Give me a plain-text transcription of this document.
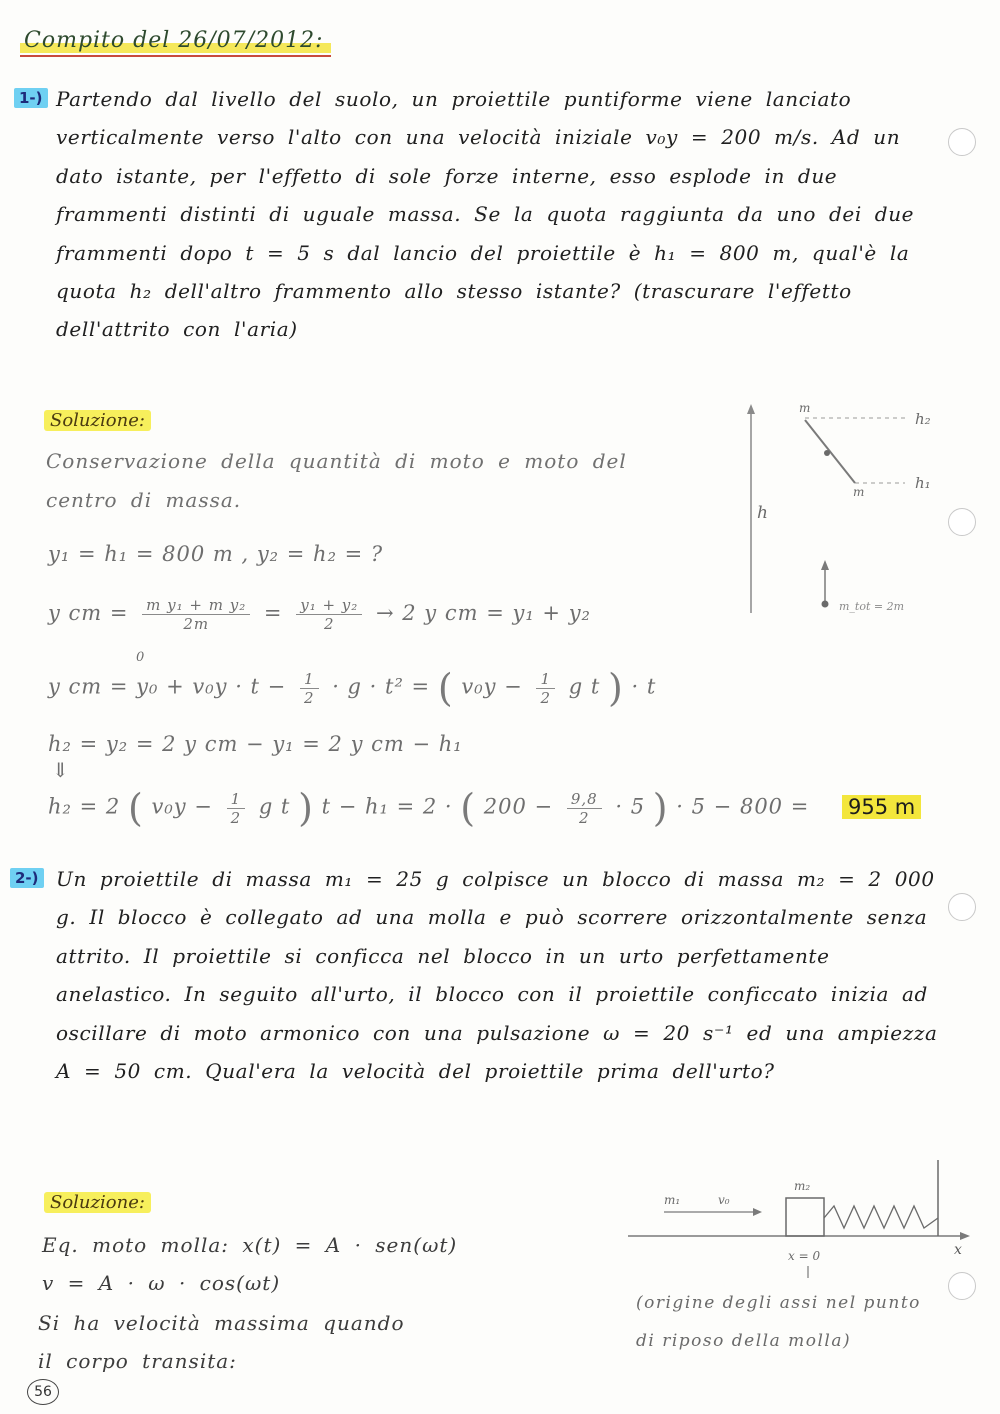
Compito del 26/07/2012:
1-) Partendo dal livello del suolo, un proiettile puntiforme viene lanciato verticalmente verso l'alto con una velocità iniziale v₀y = 200 m/s. Ad un dato istante, per l'effetto di sole forze interne, esso esplode in due frammenti distinti di uguale massa. Se la quota raggiunta da uno dei due frammenti dopo t = 5 s dal lancio del proiettile è h₁ = 800 m, qual'è la quota h₂ dell'altro frammento allo stesso istante? (trascurare l'effetto dell'attrito con l'aria)

Soluzione:

Conservazione della quantità di moto e moto del centro di massa.

y₁ = h₁ = 800 m , y₂ = h₂ = ?
y cm = $\frac{\text{m y₁ + m y₂}}{2m} = \frac{\text{y₁ + y₂}}{2} \to 2$ y cm = y₁ + y₂
0
y cm = $y_0 + v_0y \cdot t - \frac{1}{2} \cdot g \cdot t^2$ = ( $v_0y - \frac{1}{2}$ g t ) · t
h₂ = y₂ = 2 y cm − y₁ = 2 y cm − h₁
⇓
h₂ = 2 ( $v_0y - \frac{1}{2}$ g t ) t − h₁ = 2 · ( $200 - \frac{9,8}{2} \cdot 5$ ) · 5 − 800 = 955 m
h
m
h₂
h₁
m
m_tot = 2m
2-) Un proiettile di massa m₁ = 25 g colpisce un blocco di massa m₂ = 2 000 g. Il blocco è collegato ad una molla e può scorrere orizzontalmente senza attrito. Il proiettile si conficca nel blocco in un urto perfettamente anelastico. In seguito all'urto, il blocco con il proiettile conficcato inizia ad oscillare di moto armonico con una pulsazione ω = 20 s⁻¹ ed una ampiezza A = 50 cm. Qual'era la velocità del proiettile prima dell'urto?

Soluzione:
Eq. moto molla: x(t) = A · sen(ωt)
v = A · ω · cos(ωt)
Si ha velocità massima quando
il corpo transita:
x
m₁	v₀
m₂
x = 0

(origine degli assi nel punto di riposo della molla)

56
